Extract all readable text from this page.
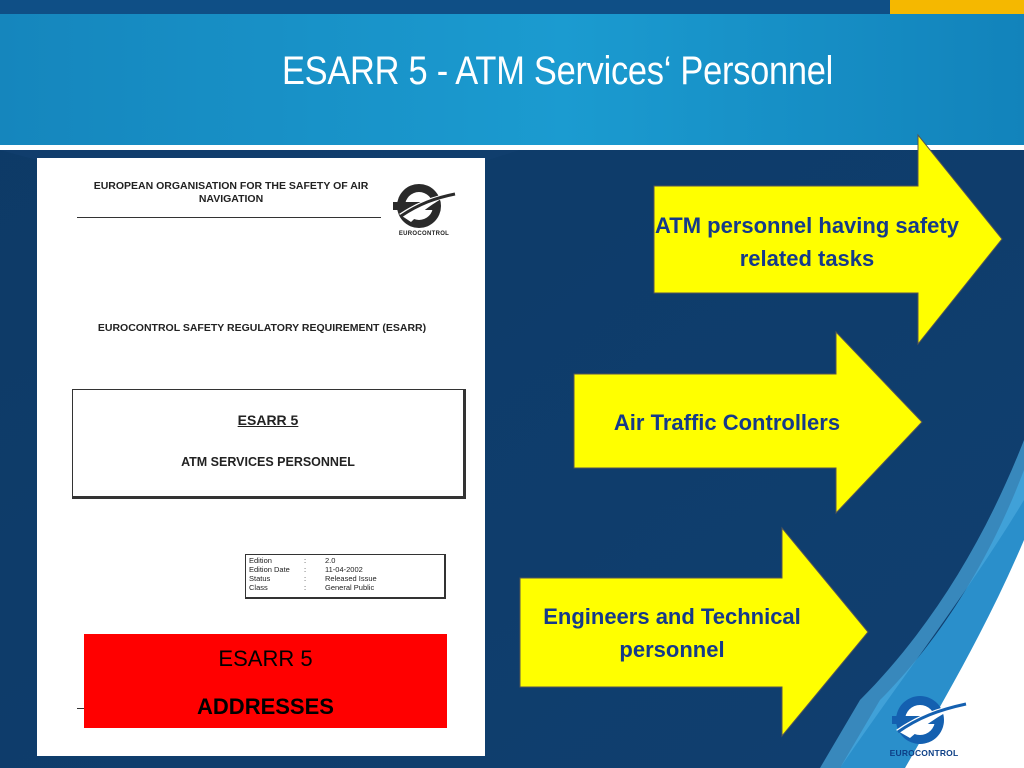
ESARR 5 - ATM Services‘ Personnel
EUROPEAN ORGANISATION FOR THE SAFETY OF AIR NAVIGATION
EUROCONTROL
EUROCONTROL SAFETY REGULATORY REQUIREMENT (ESARR)
ESARR 5
ATM SERVICES PERSONNEL
Edition	:	2.0
Edition Date :	11-04-2002
Status	:	Released Issue
Class	:	General Public
ESARR 5
ADDRESSES
ATM personnel having safety related tasks
Air Traffic Controllers
Engineers and Technical personnel
EUROCONTROL
